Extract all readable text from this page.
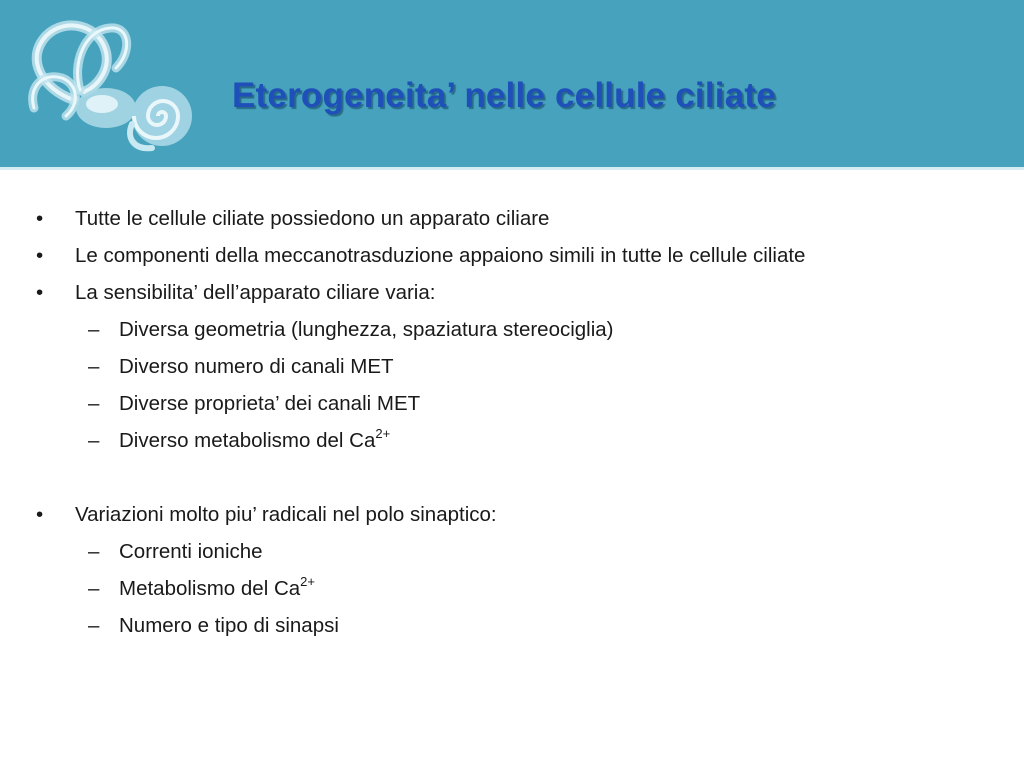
Eterogeneita’ nelle cellule ciliate
• Tutte le cellule ciliate possiedono un apparato ciliare
• Le componenti della meccanotrasduzione appaiono simili in tutte le cellule ciliate
• La sensibilita’ dell’apparato ciliare varia:
– Diversa geometria (lunghezza, spaziatura stereociglia)
– Diverso numero di canali MET
– Diverse proprieta’ dei canali MET
– Diverso metabolismo del $Ca^{2+}$
• Variazioni molto piu’ radicali nel polo sinaptico:
– Correnti ioniche
– Metabolismo del $Ca^{2+}$
– Numero e tipo di sinapsi
